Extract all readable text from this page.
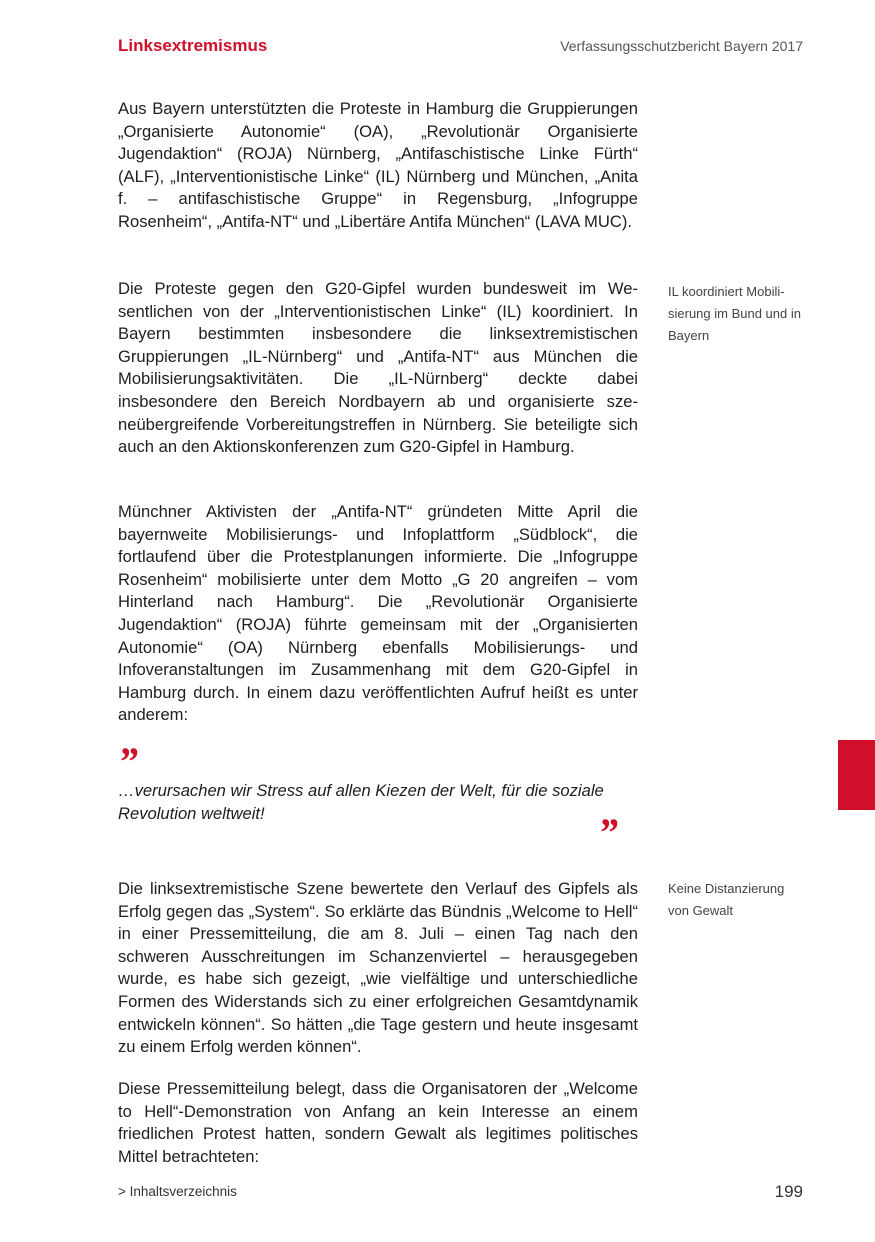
Linksextremismus	Verfassungsschutzbericht Bayern 2017

Aus Bayern unterstützten die Proteste in Hamburg die Gruppierungen „Organisierte Autonomie“ (OA), „Revolutionär Organisierte Jugendaktion“ (ROJA) Nürnberg, „Antifaschistische Linke Fürth“ (ALF), „Interventionistische Linke“ (IL) Nürnberg und München, „Anita f. – antifaschistische Gruppe“ in Regensburg, „Infogruppe Rosenheim“, „Antifa-NT“ und „Libertäre Antifa München“ (LAVA MUC).

Die Proteste gegen den G20-Gipfel wurden bundesweit im Wesentlichen von der „Interventionistischen Linke“ (IL) koordiniert. In Bayern bestimmten insbesondere die linksextremistischen Gruppierungen „IL-Nürnberg“ und „Antifa-NT“ aus München die Mobilisierungsaktivitäten. Die „IL-Nürnberg“ deckte dabei insbesondere den Bereich Nordbayern ab und organisierte szeneübergreifende Vorbereitungstreffen in Nürnberg. Sie beteiligte sich auch an den Aktionskonferenzen zum G20-Gipfel in Hamburg.

Münchner Aktivisten der „Antifa-NT“ gründeten Mitte April die bayernweite Mobilisierungs- und Infoplattform „Südblock“, die fortlaufend über die Protestplanungen informierte. Die „Infogruppe Rosenheim“ mobilisierte unter dem Motto „G 20 angreifen – vom Hinterland nach Hamburg“. Die „Revolutionär Organisierte Jugendaktion“ (ROJA) führte gemeinsam mit der „Organisierten Autonomie“ (OA) Nürnberg ebenfalls Mobilisierungs- und Infoveranstaltungen im Zusammenhang mit dem G20-Gipfel in Hamburg durch. In einem dazu veröffentlichten Aufruf heißt es unter anderem:

”

…verursachen wir Stress auf allen Kiezen der Welt, für die soziale Revolution weltweit!	”

Die linksextremistische Szene bewertete den Verlauf des Gipfels als Erfolg gegen das „System“. So erklärte das Bündnis „Welcome to Hell“ in einer Pressemitteilung, die am 8. Juli – einen Tag nach den schweren Ausschreitungen im Schanzenviertel – herausgegeben wurde, es habe sich gezeigt, „wie vielfältige und unterschiedliche Formen des Widerstands sich zu einer erfolgreichen Gesamtdynamik entwickeln können“. So hätten „die Tage gestern und heute insgesamt zu einem Erfolg werden können“.

Diese Pressemitteilung belegt, dass die Organisatoren der „Welcome to Hell“-Demonstration von Anfang an kein Interesse an einem friedlichen Protest hatten, sondern Gewalt als legitimes politisches Mittel betrachteten:

IL koordiniert Mobilisierung im Bund und in Bayern
Keine Distanzierung von Gewalt
> Inhaltsverzeichnis	199
